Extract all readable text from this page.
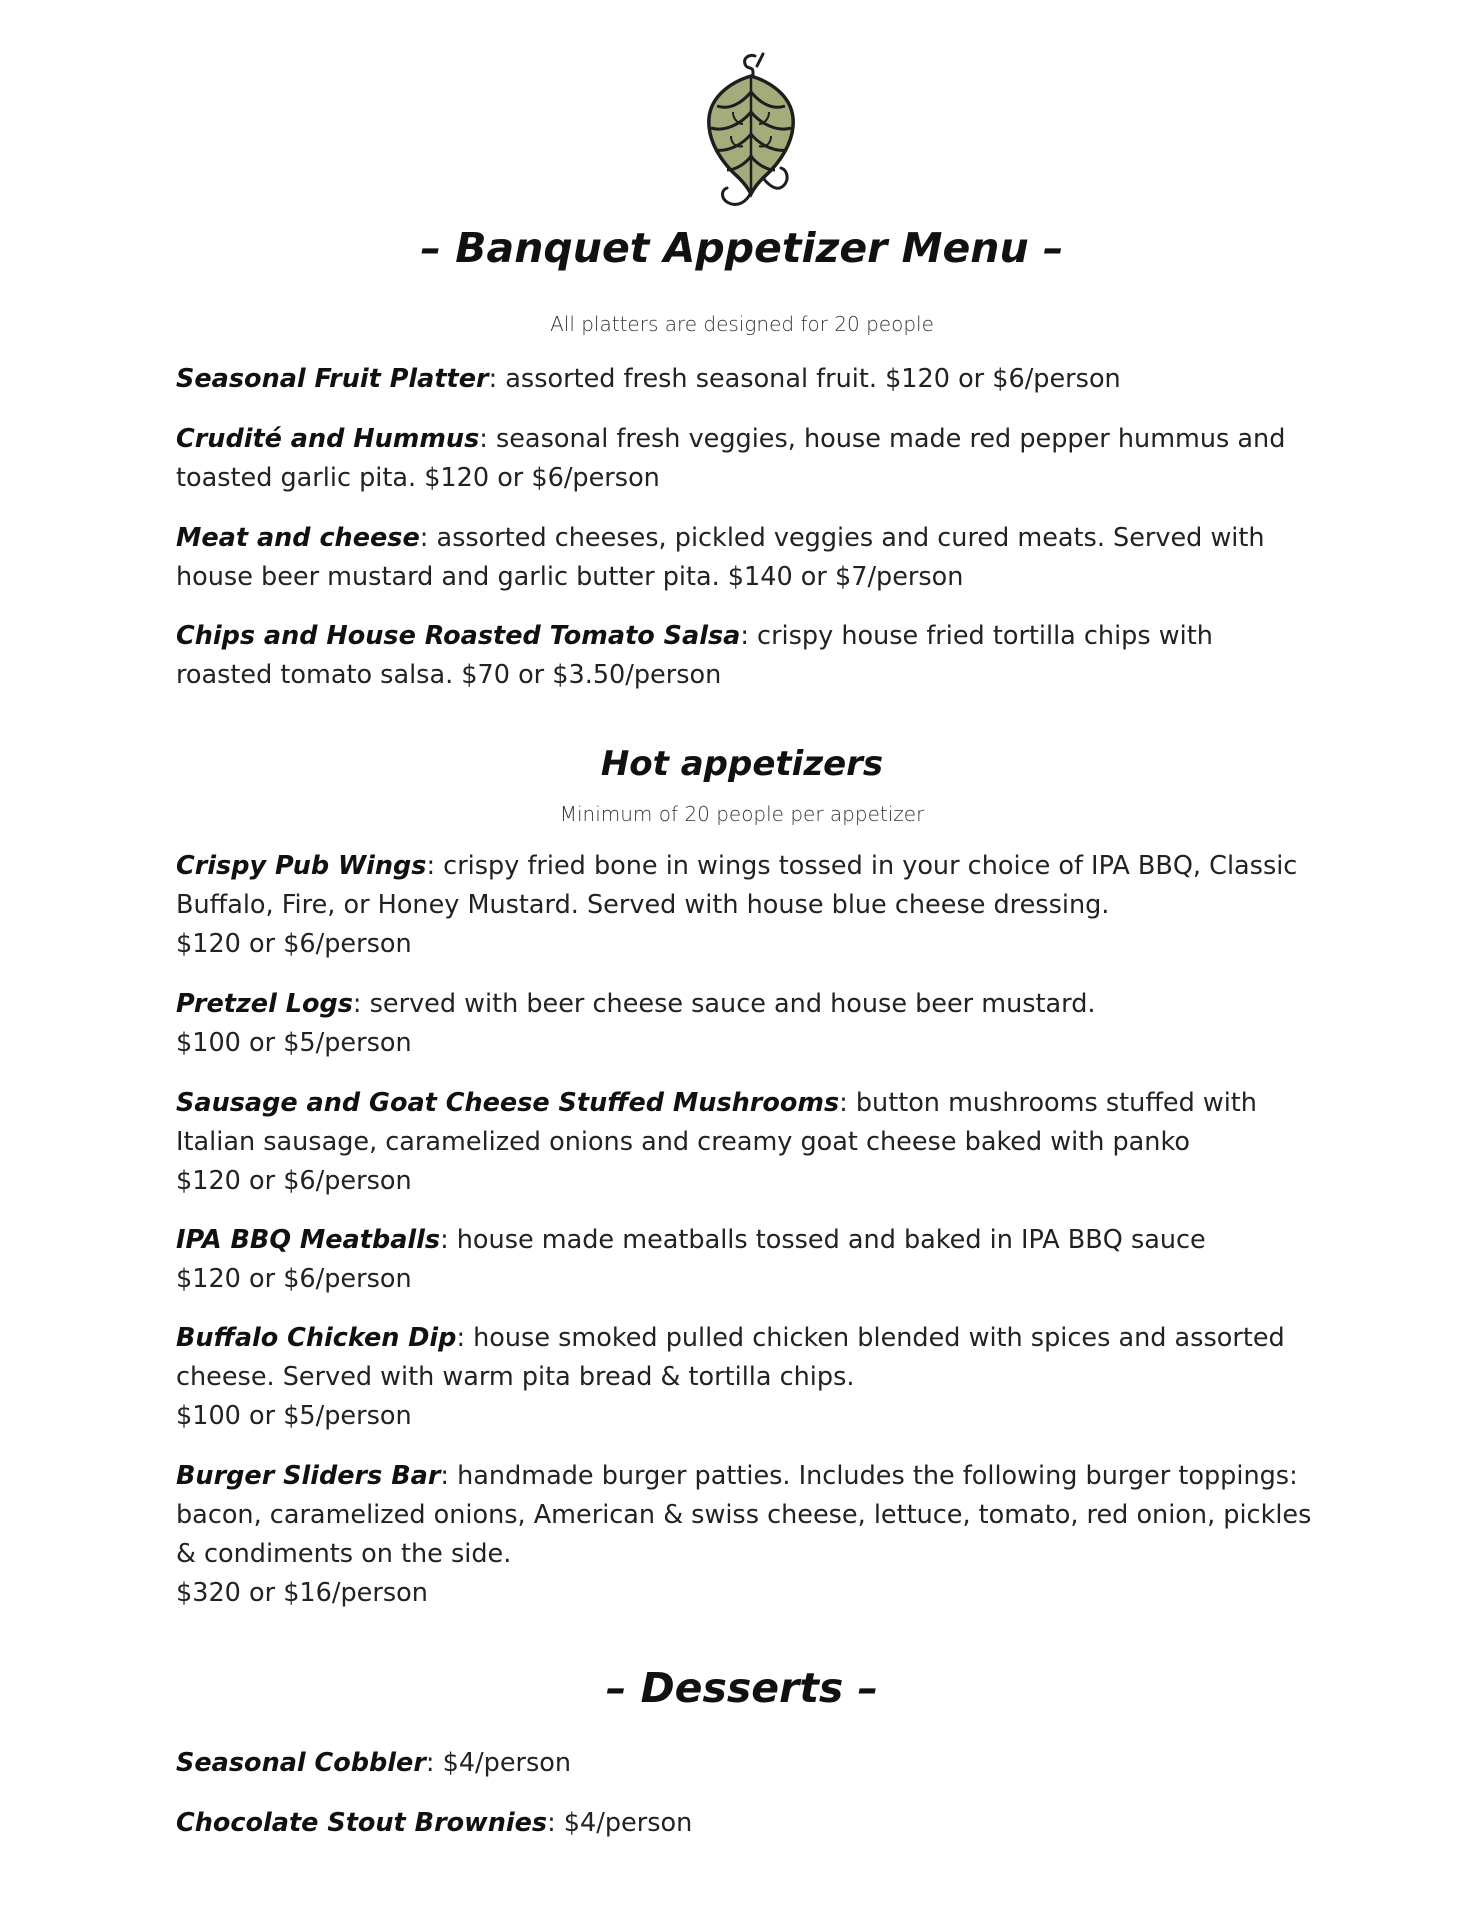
– Banquet Appetizer Menu –
All platters are designed for 20 people
Seasonal Fruit Platter: assorted fresh seasonal fruit. $120 or $6/person
Crudité and Hummus: seasonal fresh veggies, house made red pepper hummus and toasted garlic pita. $120 or $6/person
Meat and cheese: assorted cheeses, pickled veggies and cured meats. Served with house beer mustard and garlic butter pita. $140 or $7/person
Chips and House Roasted Tomato Salsa: crispy house fried tortilla chips with roasted tomato salsa. $70 or $3.50/person
Hot appetizers
Minimum of 20 people per appetizer
Crispy Pub Wings: crispy fried bone in wings tossed in your choice of IPA BBQ, Classic Buffalo, Fire, or Honey Mustard. Served with house blue cheese dressing.
$120 or $6/person
Pretzel Logs: served with beer cheese sauce and house beer mustard.
$100 or $5/person
Sausage and Goat Cheese Stuffed Mushrooms: button mushrooms stuffed with Italian sausage, caramelized onions and creamy goat cheese baked with panko
$120 or $6/person
IPA BBQ Meatballs: house made meatballs tossed and baked in IPA BBQ sauce
$120 or $6/person
Buffalo Chicken Dip: house smoked pulled chicken blended with spices and assorted cheese. Served with warm pita bread & tortilla chips.
$100 or $5/person
Burger Sliders Bar: handmade burger patties. Includes the following burger toppings: bacon, caramelized onions, American & swiss cheese, lettuce, tomato, red onion, pickles & condiments on the side.
$320 or $16/person
– Desserts –
Seasonal Cobbler: $4/person
Chocolate Stout Brownies: $4/person
